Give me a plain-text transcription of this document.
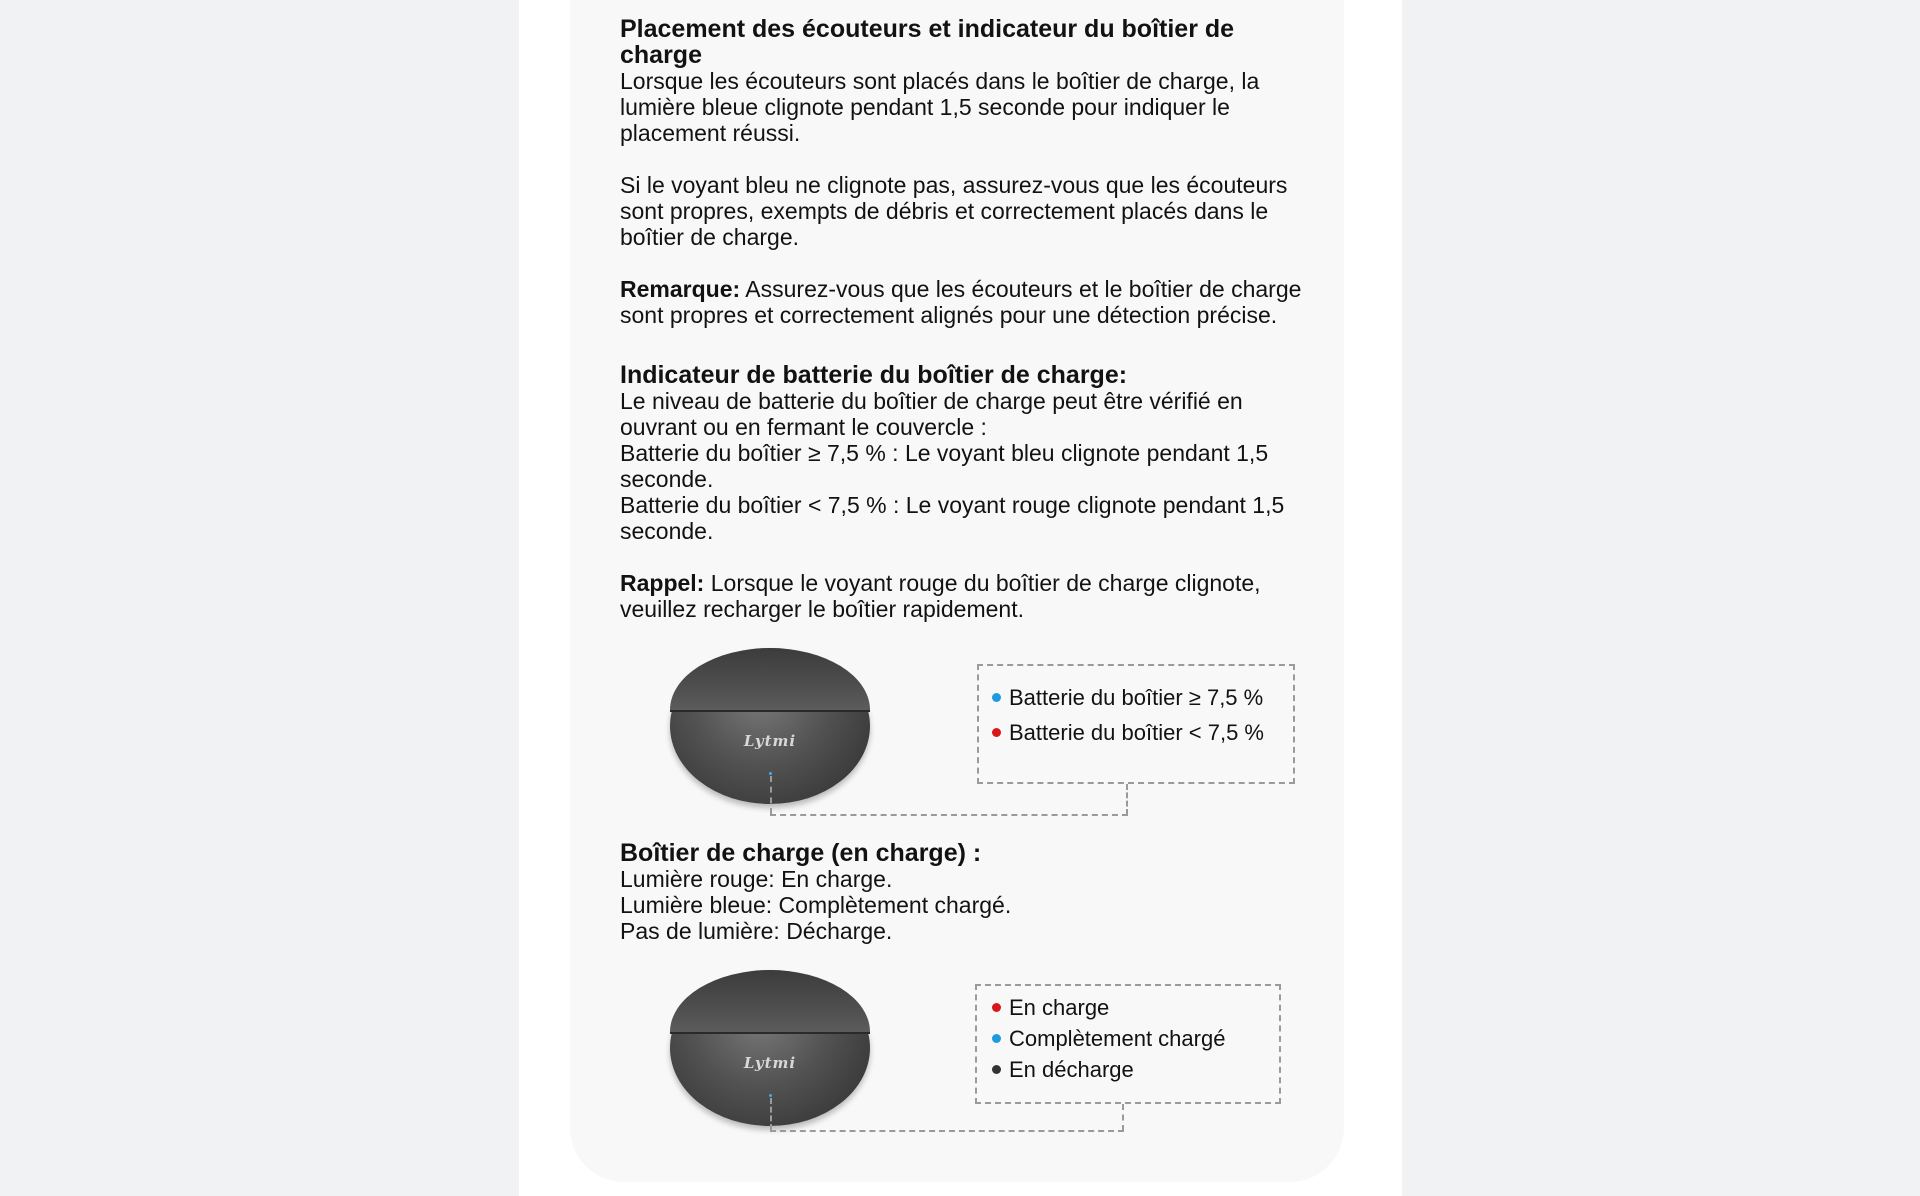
Placement des écouteurs et indicateur du boîtier de charge

Lorsque les écouteurs sont placés dans le boîtier de charge, la lumière bleue clignote pendant 1,5 seconde pour indiquer le placement réussi.

Si le voyant bleu ne clignote pas, assurez-vous que les écouteurs sont propres, exempts de débris et correctement placés dans le boîtier de charge.

Remarque: Assurez-vous que les écouteurs et le boîtier de charge sont propres et correctement alignés pour une détection précise.

Indicateur de batterie du boîtier de charge:

Le niveau de batterie du boîtier de charge peut être vérifié en ouvrant ou en fermant le couvercle :

Batterie du boîtier ≥ 7,5 % : Le voyant bleu clignote pendant 1,5 seconde.

Batterie du boîtier < 7,5 % : Le voyant rouge clignote pendant 1,5 seconde.

Rappel: Lorsque le voyant rouge du boîtier de charge clignote, veuillez recharger le boîtier rapidement.

Lytmi
Batterie du boîtier ≥ 7,5 %
Batterie du boîtier < 7,5 %
Boîtier de charge (en charge) :

Lumière rouge: En charge.

Lumière bleue: Complètement chargé.

Pas de lumière: Décharge.

Lytmi
En charge
Complètement chargé
En décharge
